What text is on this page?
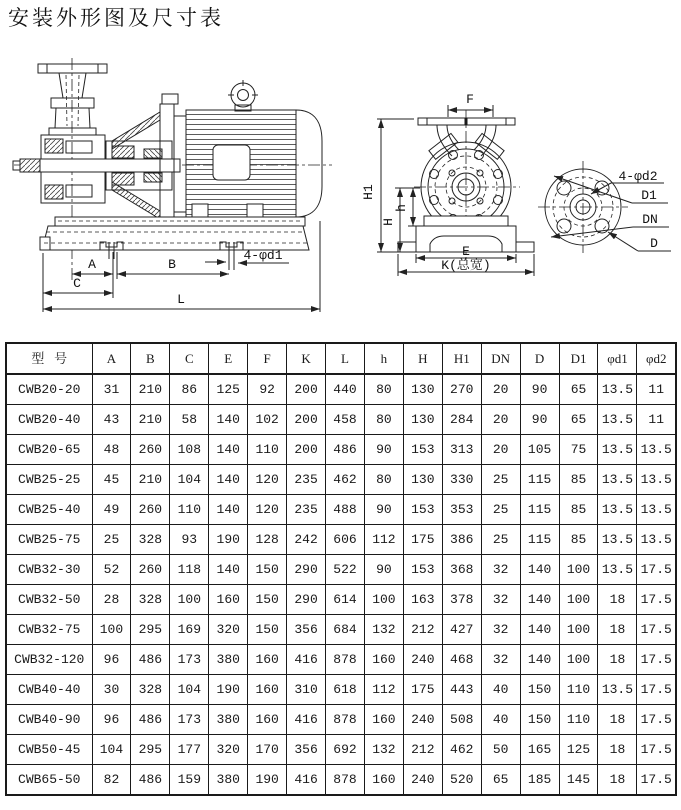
安装外形图及尺寸表
A	B
C
L
4-φd1
F
H1
H
h
E
K(总宽)
4-φd2
D1
DN
D
型   号	A	B	C	E	F	K	L	h	H	H1	DN	D	D1	φd1	φd2
CWB20-20	31	210	86	125	92	200	440	80	130	270	20	90	65	13.5	11
CWB20-40	43	210	58	140	102	200	458	80	130	284	20	90	65	13.5	11
CWB20-65	48	260	108	140	110	200	486	90	153	313	20	105	75	13.5	13.5
CWB25-25	45	210	104	140	120	235	462	80	130	330	25	115	85	13.5	13.5
CWB25-40	49	260	110	140	120	235	488	90	153	353	25	115	85	13.5	13.5
CWB25-75	25	328	93	190	128	242	606	112	175	386	25	115	85	13.5	13.5
CWB32-30	52	260	118	140	150	290	522	90	153	368	32	140	100	13.5	17.5
CWB32-50	28	328	100	160	150	290	614	100	163	378	32	140	100	18	17.5
CWB32-75	100	295	169	320	150	356	684	132	212	427	32	140	100	18	17.5
CWB32-120	96	486	173	380	160	416	878	160	240	468	32	140	100	18	17.5
CWB40-40	30	328	104	190	160	310	618	112	175	443	40	150	110	13.5	17.5
CWB40-90	96	486	173	380	160	416	878	160	240	508	40	150	110	18	17.5
CWB50-45	104	295	177	320	170	356	692	132	212	462	50	165	125	18	17.5
CWB65-50	82	486	159	380	190	416	878	160	240	520	65	185	145	18	17.5
